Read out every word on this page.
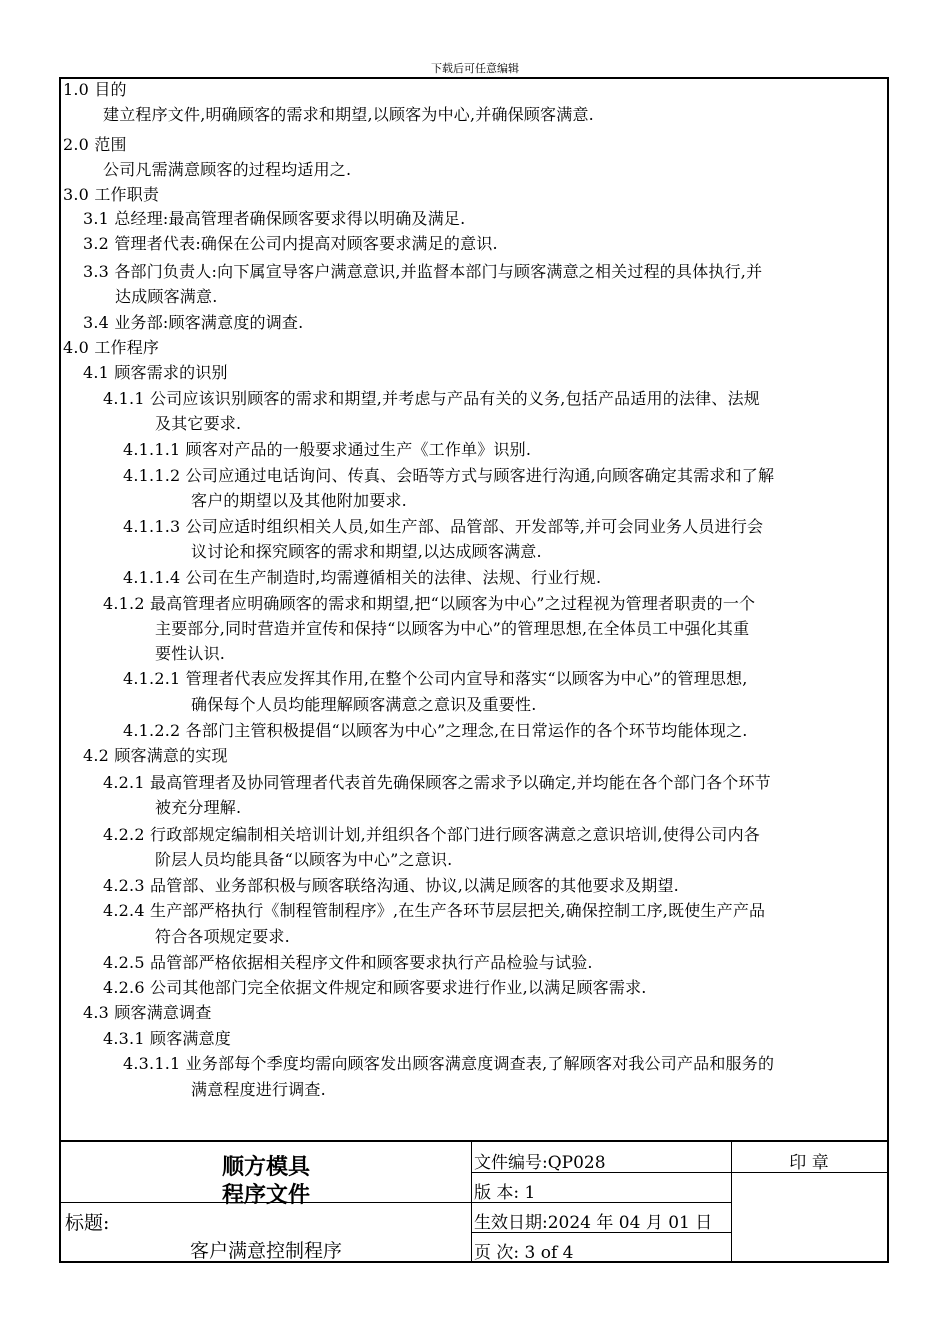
下载后可任意编辑
1.0 目的
建立程序文件,明确顾客的需求和期望,以顾客为中心,并确保顾客满意.
2.0 范围
公司凡需满意顾客的过程均适用之.
3.0 工作职责
3.1 总经理:最高管理者确保顾客要求得以明确及满足.
3.2 管理者代表:确保在公司内提高对顾客要求满足的意识.
3.3 各部门负责人:向下属宣导客户满意意识,并监督本部门与顾客满意之相关过程的具体执行,并
达成顾客满意.
3.4 业务部:顾客满意度的调查.
4.0 工作程序
4.1 顾客需求的识别
4.1.1 公司应该识别顾客的需求和期望,并考虑与产品有关的义务,包括产品适用的法律、法规
及其它要求.
4.1.1.1 顾客对产品的一般要求通过生产《工作单》识别.
4.1.1.2 公司应通过电话询问、传真、会晤等方式与顾客进行沟通,向顾客确定其需求和了解
客户的期望以及其他附加要求.
4.1.1.3 公司应适时组织相关人员,如生产部、品管部、开发部等,并可会同业务人员进行会
议讨论和探究顾客的需求和期望,以达成顾客满意.
4.1.1.4 公司在生产制造时,均需遵循相关的法律、法规、行业行规.
4.1.2 最高管理者应明确顾客的需求和期望,把“以顾客为中心”之过程视为管理者职责的一个
主要部分,同时营造并宣传和保持“以顾客为中心”的管理思想,在全体员工中强化其重
要性认识.
4.1.2.1 管理者代表应发挥其作用,在整个公司内宣导和落实“以顾客为中心”的管理思想,
确保每个人员均能理解顾客满意之意识及重要性.
4.1.2.2 各部门主管积极提倡“以顾客为中心”之理念,在日常运作的各个环节均能体现之.
4.2 顾客满意的实现
4.2.1 最高管理者及协同管理者代表首先确保顾客之需求予以确定,并均能在各个部门各个环节
被充分理解.
4.2.2 行政部规定编制相关培训计划,并组织各个部门进行顾客满意之意识培训,使得公司内各
阶层人员均能具备“以顾客为中心”之意识.
4.2.3 品管部、业务部积极与顾客联络沟通、协议,以满足顾客的其他要求及期望.
4.2.4 生产部严格执行《制程管制程序》,在生产各环节层层把关,确保控制工序,既使生产产品
符合各项规定要求.
4.2.5 品管部严格依据相关程序文件和顾客要求执行产品检验与试验.
4.2.6 公司其他部门完全依据文件规定和顾客要求进行作业,以满足顾客需求.
4.3 顾客满意调查
4.3.1 顾客满意度
4.3.1.1 业务部每个季度均需向顾客发出顾客满意度调查表,了解顾客对我公司产品和服务的
满意程度进行调查.
顺方模具
程序文件
文件编号:QP028
版 本: 1
生效日期:2024 年 04 月 01 日
页 次: 3 of 4
印 章
标题:
客户满意控制程序
